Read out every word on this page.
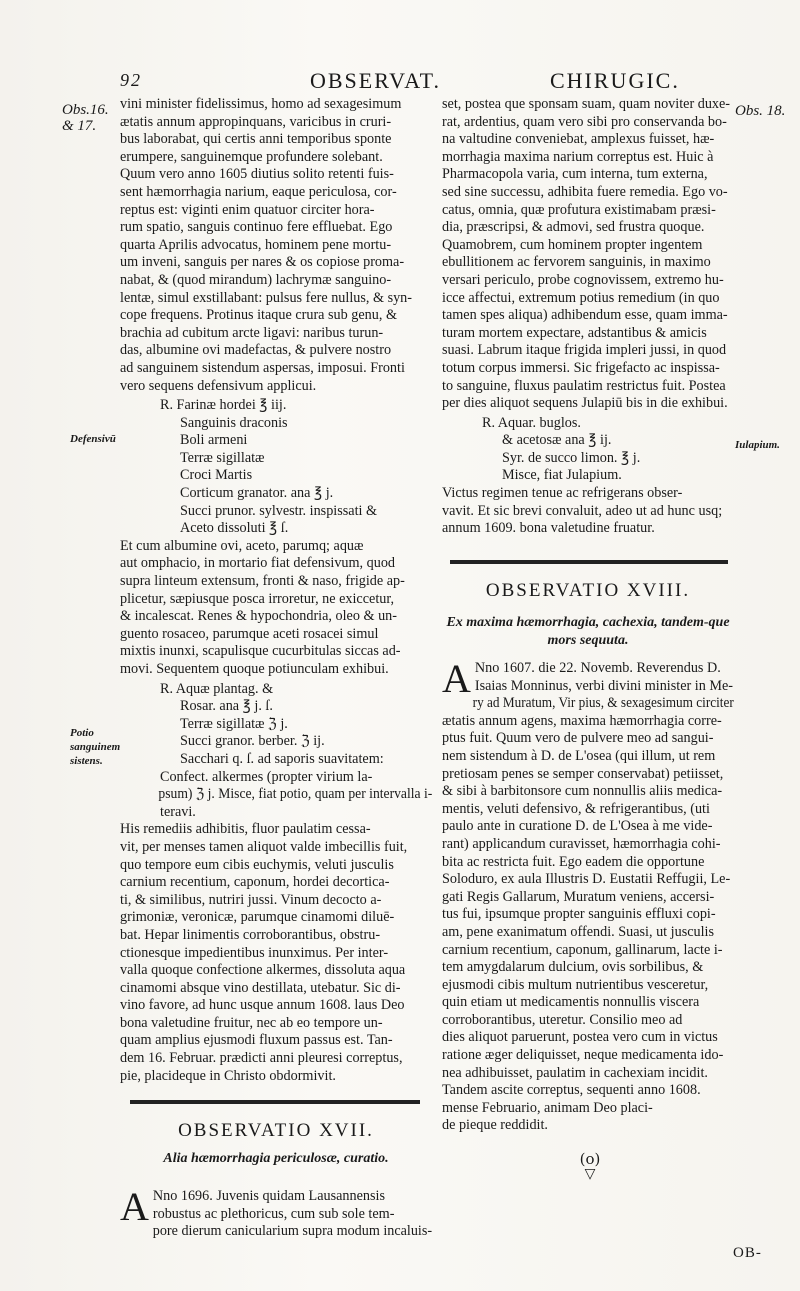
92	OBSERVAT.	CHIRUGIC.
Obs.16. & 17.
Obs. 18.
Defensivū	Iulapium.
Potio sanguinem sistens.
vini minister fidelissimus, homo ad sexagesimum
ætatis annum appropinquans, varicibus in cruri-
bus laborabat, qui certis anni temporibus sponte
erumpere, sanguinemque profundere solebant.
Quum vero anno 1605 diutius solito retenti fuis-
sent hæmorrhagia narium, eaque periculosa, cor-
reptus est: viginti enim quatuor circiter hora-
rum spatio, sanguis continuo fere effluebat. Ego
quarta Aprilis advocatus, hominem pene mortu-
um inveni, sanguis per nares & os copiose proma-
nabat, & (quod mirandum) lachrymæ sanguino-
lentæ, simul exstillabant: pulsus fere nullus, & syn-
cope frequens. Protinus itaque crura sub genu, &
brachia ad cubitum arcte ligavi: naribus turun-
das, albumine ovi madefactas, & pulvere nostro
ad sanguinem sistendum aspersas, imposui. Fronti
vero sequens defensivum applicui.
R. Farinæ hordei ℥ iij.
Sanguinis draconis
Boli armeni
Terræ sigillatæ
Croci Martis
Corticum granator. ana ℥ j.
Succi prunor. sylvestr. inspissati &
Aceto dissoluti ℥ ſ.
Et cum albumine ovi, aceto, parumq; aquæ
aut omphacio, in mortario fiat defensivum, quod
supra linteum extensum, fronti & naso, frigide ap-
plicetur, sæpiusque posca irroretur, ne exiccetur,
& incalescat. Renes & hypochondria, oleo & un-
guento rosaceo, parumque aceti rosacei simul
mixtis inunxi, scapulisque cucurbitulas siccas ad-
movi. Sequentem quoque potiunculam exhibui.
R. Aquæ plantag. &
Rosar. ana ℥ j. ſ.
Terræ sigillatæ ℨ j.
Succi granor. berber. ℨ ij.
Sacchari q. ſ. ad saporis suavitatem:
Confect. alkermes (propter virium la-
psum) ℨ j. Misce, fiat potio, quam per intervalla i-
teravi.
His remediis adhibitis, fluor paulatim cessa-
vit, per menses tamen aliquot valde imbecillis fuit,
quo tempore eum cibis euchymis, veluti jusculis
carnium recentium, caponum, hordei decortica-
ti, & similibus, nutriri jussi. Vinum decocto a-
grimoniæ, veronicæ, parumque cinamomi diluē-
bat. Hepar linimentis corroborantibus, obstru-
ctionesque impedientibus inunximus. Per inter-
valla quoque confectione alkermes, dissoluta aqua
cinamomi absque vino destillata, utebatur. Sic di-
vino favore, ad hunc usque annum 1608. laus Deo
bona valetudine fruitur, nec ab eo tempore un-
quam amplius ejusmodi fluxum passus est. Tan-
dem 16. Februar. prædicti anni pleuresi correptus,
pie, placideque in Christo obdormivit.
OBSERVATIO XVII.
Alia hæmorrhagia periculosæ, curatio.
A Nno 1696. Juvenis quidam Lausannensis
robustus ac plethoricus, cum sub sole tem-
pore dierum canicularium supra modum incaluis-
set, postea que sponsam suam, quam noviter duxe-
rat, ardentius, quam vero sibi pro conservanda bo-
na valtudine conveniebat, amplexus fuisset, hæ-
morrhagia maxima narium correptus est. Huic à
Pharmacopola varia, cum interna, tum externa,
sed sine successu, adhibita fuere remedia. Ego vo-
catus, omnia, quæ profutura existimabam præsi-
dia, præscripsi, & admovi, sed frustra quoque.
Quamobrem, cum hominem propter ingentem
ebullitionem ac fervorem sanguinis, in maximo
versari periculo, probe cognovissem, extremo hu-
icce affectui, extremum potius remedium (in quo
tamen spes aliqua) adhibendum esse, quam imma-
turam mortem expectare, adstantibus & amicis
suasi. Labrum itaque frigida impleri jussi, in quod
totum corpus immersi. Sic frigefacto ac inspissa-
to sanguine, fluxus paulatim restrictus fuit. Postea
per dies aliquot sequens Julapiū bis in die exhibui.
R. Aquar. buglos.
& acetosæ ana ℥ ij.
Syr. de succo limon. ℥ j.
Misce, fiat Julapium.
Victus regimen tenue ac refrigerans obser-
vavit. Et sic brevi convaluit, adeo ut ad hunc usq;
annum 1609. bona valetudine fruatur.
OBSERVATIO XVIII.
Ex maxima hæmorrhagia, cachexia, tandem-que mors sequuta.
A Nno 1607. die 22. Novemb. Reverendus D.
Isaias Monninus, verbi divini minister in Me-
ry ad Muratum, Vir pius, & sexagesimum circiter
ætatis annum agens, maxima hæmorrhagia corre-
ptus fuit. Quum vero de pulvere meo ad sangui-
nem sistendum à D. de L'osea (qui illum, ut rem
pretiosam penes se semper conservabat) petiisset,
& sibi à barbitonsore cum nonnullis aliis medica-
mentis, veluti defensivo, & refrigerantibus, (uti
paulo ante in curatione D. de L'Osea à me vide-
rant) applicandum curavisset, hæmorrhagia cohi-
bita ac restricta fuit. Ego eadem die opportune
Soloduro, ex aula Illustris D. Eustatii Reffugii, Le-
gati Regis Gallarum, Muratum veniens, accersi-
tus fui, ipsumque propter sanguinis effluxi copi-
am, pene exanimatum offendi. Suasi, ut jusculis
carnium recentium, caponum, gallinarum, lacte i-
tem amygdalarum dulcium, ovis sorbilibus, &
ejusmodi cibis multum nutrientibus vesceretur,
quin etiam ut medicamentis nonnullis viscera
corroborantibus, uteretur. Consilio meo ad
dies aliquot paruerunt, postea vero cum in victus
ratione æger deliquisset, neque medicamenta ido-
nea adhibuisset, paulatim in cachexiam incidit.
Tandem ascite correptus, sequenti anno 1608.
mense Februario, animam Deo placi-
de pieque reddidit.
(o)
▽
OB-
